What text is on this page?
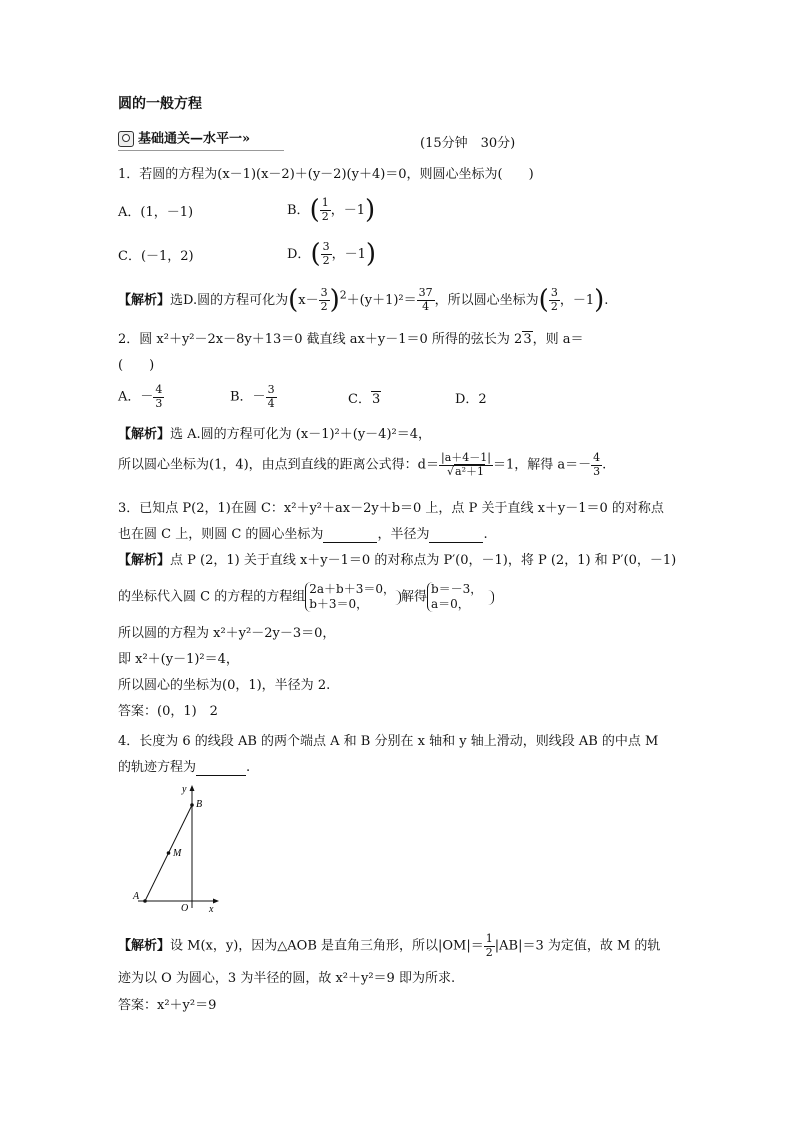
圆的一般方程
基础通关—水平一»	(15分钟　30分)
1．若圆的方程为(x－1)(x－2)＋(y－2)(y＋4)＝0，则圆心坐标为(　　)
A．(1，－1)	B．( $\frac{1}{2}$ ，－1)
C．(－1，2)	D．( $\frac{3}{2}$ ，－1)
【解析】选D.圆的方程可化为$(x- \frac{3}{2} )^2+(y+1)^2= \frac{37}{4}$ ，所以圆心坐标为( $\frac{3}{2}$ ，－1).
2．圆 x²＋y²－2x－8y＋13＝0 截直线 ax＋y－1＝0 所得的弦长为 23，则 a＝
(　　)
A．－ $\frac{4}{3}$	B．－ $\frac{3}{4}$	C．3	D．2
【解析】选 A.圆的方程可化为 (x－1)²＋(y－4)²＝4，
所以圆心坐标为(1，4)，由点到直线的距离公式得：$d= \frac{|a+4-1|}{\text{√a²＋1}} =1$，解得 $a=- \frac{4}{3}$ .
3．已知点 P(2，1)在圆 C：x²＋y²＋ax－2y＋b＝0 上，点 P 关于直线 x＋y－1＝0 的对称点
也在圆 C 上，则圆 C 的圆心坐标为	，半径为	.
【解析】点 P (2，1) 关于直线 x＋y－1＝0 的对称点为 P′(0，－1)，将 P (2，1) 和 P′(0，－1)
的坐标代入圆 C 的方程的方程组
2a＋b＋3＝0，
b＋3＝0，	解得
b＝－3，
a＝0，

所以圆的方程为 x²＋y²－2y－3＝0，
即 x²＋(y－1)²＝4，
所以圆心的坐标为(0，1)，半径为 2.
答案：(0，1)　2
4．长度为 6 的线段 AB 的两个端点 A 和 B 分别在 x 轴和 y 轴上滑动，则线段 AB 的中点 M
的轨迹方程为	.
y
B
M
A
O x
【解析】设 M(x，y)，因为△AOB 是直角三角形，所以$|OM|= \frac{1}{2} |AB|=3$ 为定值，故 M 的轨
迹为以 O 为圆心，3 为半径的圆，故 x²＋y²＝9 即为所求.
答案：x²＋y²＝9
